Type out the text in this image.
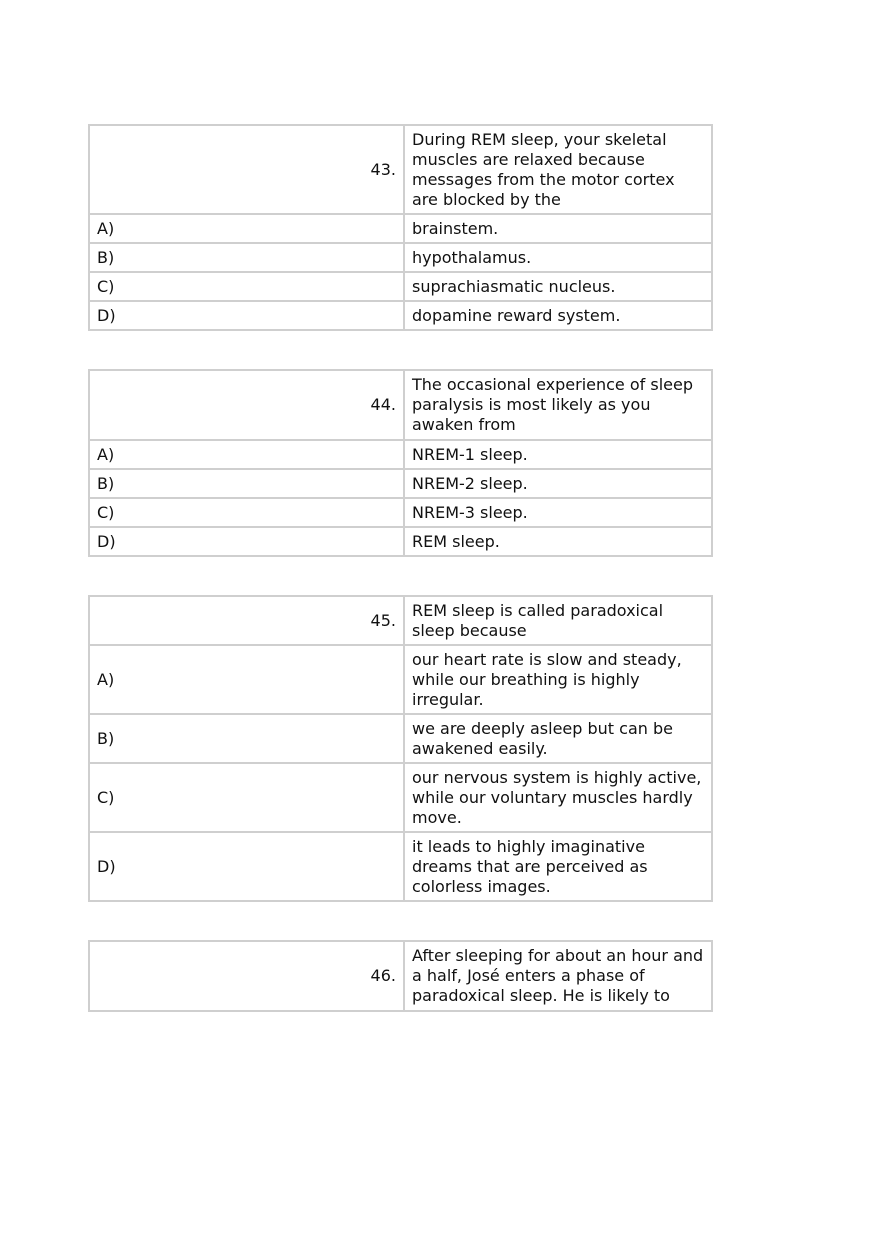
43.	During REM sleep, your skeletal muscles are relaxed because messages from the motor cortex are blocked by the
A)	brainstem.
B)	hypothalamus.
C)	suprachiasmatic nucleus.
D)	dopamine reward system.
44.	The occasional experience of sleep paralysis is most likely as you awaken from
A)	NREM-1 sleep.
B)	NREM-2 sleep.
C)	NREM-3 sleep.
D)	REM sleep.
45.	REM sleep is called paradoxical sleep because
A)	our heart rate is slow and steady, while our breathing is highly irregular.
B)	we are deeply asleep but can be awakened easily.
C)	our nervous system is highly active, while our voluntary muscles hardly move.
D)	it leads to highly imaginative dreams that are perceived as colorless images.
46.	After sleeping for about an hour and a half, José enters a phase of paradoxical sleep. He is likely to
